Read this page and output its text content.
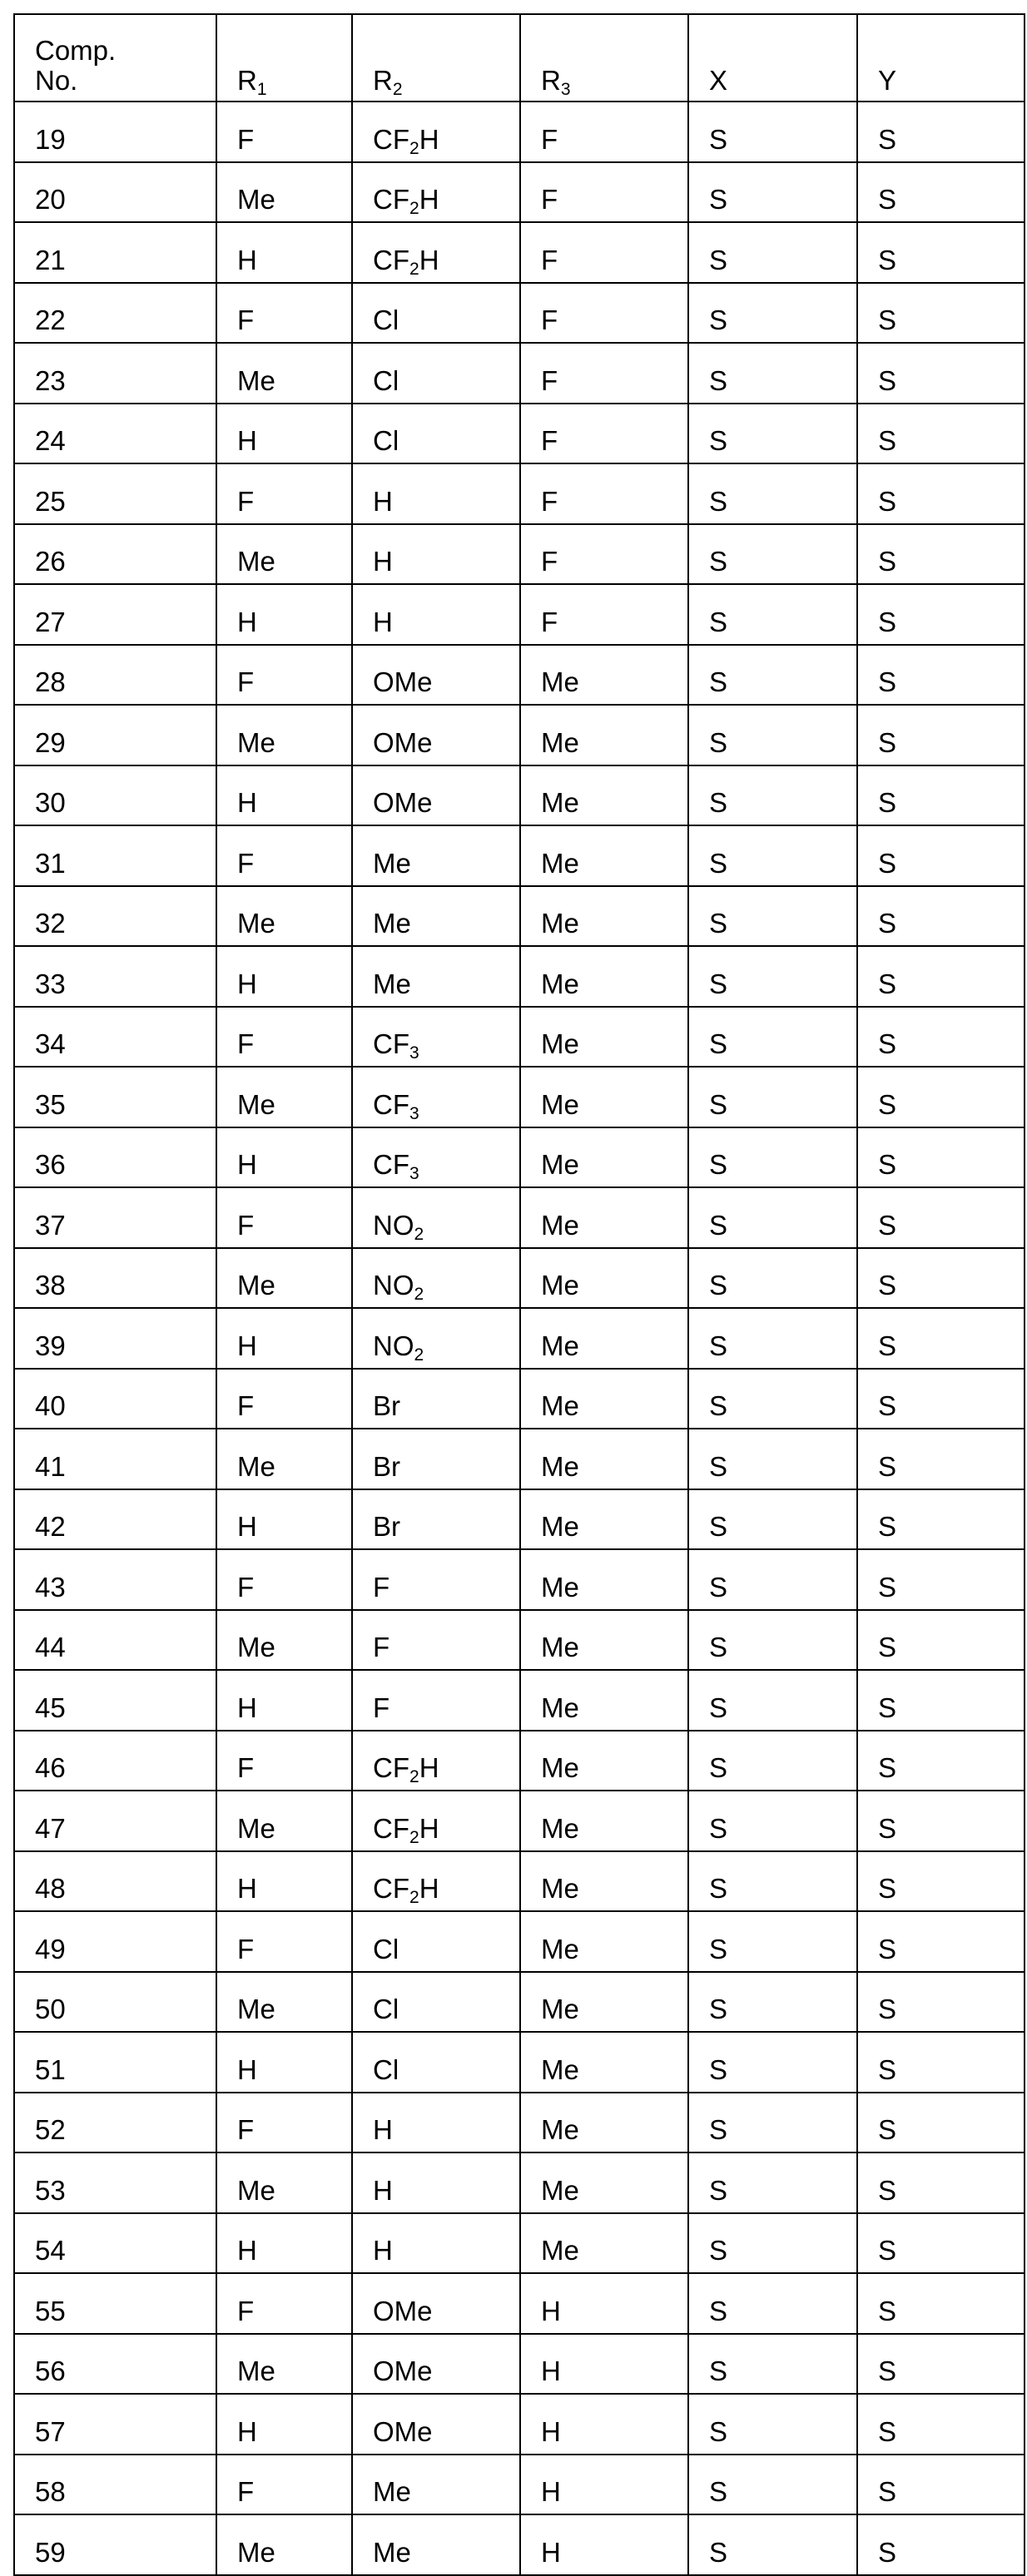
Comp.
No.	R1	R2	R3	X	Y
19	F	CF2H	F	S	S
20	Me	CF2H	F	S	S
21	H	CF2H	F	S	S
22	F	Cl	F	S	S
23	Me	Cl	F	S	S
24	H	Cl	F	S	S
25	F	H	F	S	S
26	Me	H	F	S	S
27	H	H	F	S	S
28	F	OMe	Me	S	S
29	Me	OMe	Me	S	S
30	H	OMe	Me	S	S
31	F	Me	Me	S	S
32	Me	Me	Me	S	S
33	H	Me	Me	S	S
34	F	CF3	Me	S	S
35	Me	CF3	Me	S	S
36	H	CF3	Me	S	S
37	F	NO2	Me	S	S
38	Me	NO2	Me	S	S
39	H	NO2	Me	S	S
40	F	Br	Me	S	S
41	Me	Br	Me	S	S
42	H	Br	Me	S	S
43	F	F	Me	S	S
44	Me	F	Me	S	S
45	H	F	Me	S	S
46	F	CF2H	Me	S	S
47	Me	CF2H	Me	S	S
48	H	CF2H	Me	S	S
49	F	Cl	Me	S	S
50	Me	Cl	Me	S	S
51	H	Cl	Me	S	S
52	F	H	Me	S	S
53	Me	H	Me	S	S
54	H	H	Me	S	S
55	F	OMe	H	S	S
56	Me	OMe	H	S	S
57	H	OMe	H	S	S
58	F	Me	H	S	S
59	Me	Me	H	S	S
